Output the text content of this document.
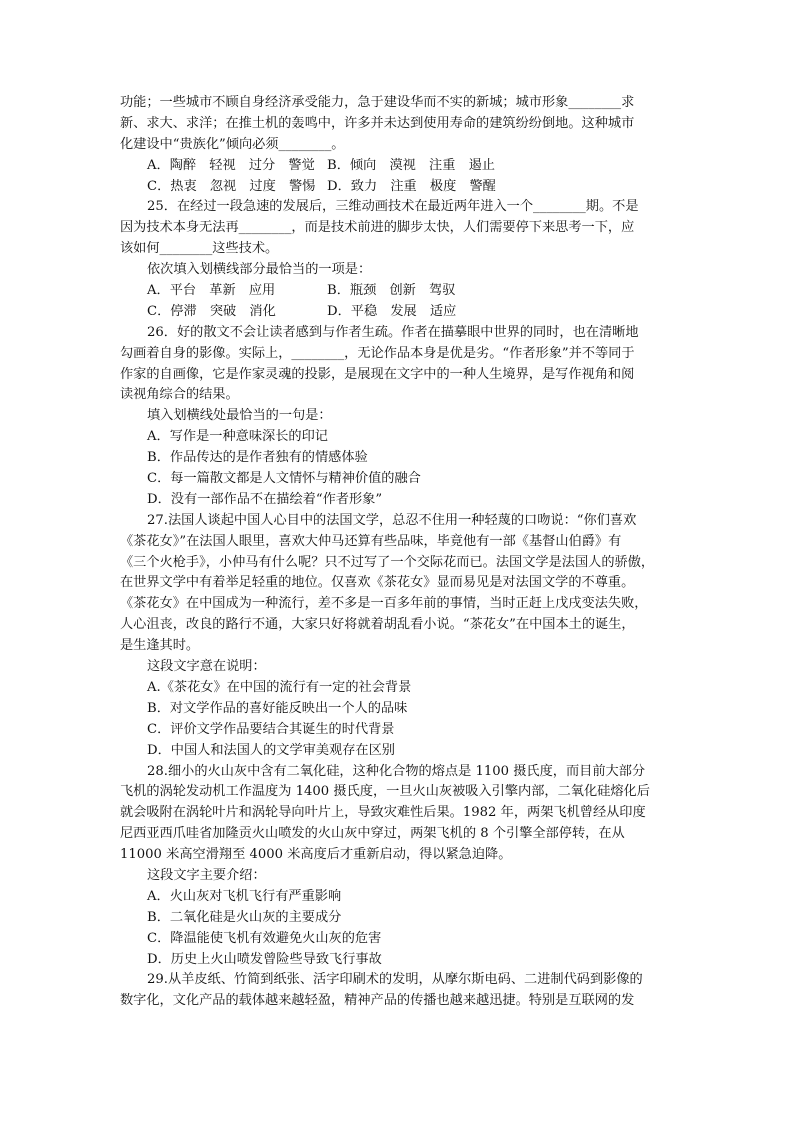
功能；一些城市不顾自身经济承受能力，急于建设华而不实的新城；城市形象________求
新、求大、求洋；在推土机的轰鸣中，许多并未达到使用寿命的建筑纷纷倒地。这种城市
化建设中“贵族化”倾向必须________。
A．陶醉　轻视　过分　警觉 B．倾向　漠视　注重　遏止
C．热衷　忽视　过度　警惕 D．致力　注重　极度　警醒
25．在经过一段急速的发展后，三维动画技术在最近两年进入一个________期。不是
因为技术本身无法再________，而是技术前进的脚步太快，人们需要停下来思考一下，应
该如何________这些技术。
依次填入划横线部分最恰当的一项是：
A．平台　革新　应用	B．瓶颈　创新　驾驭
C．停滞　突破　消化	D．平稳　发展　适应
26．好的散文不会让读者感到与作者生疏。作者在描摹眼中世界的同时，也在清晰地
勾画着自身的影像。实际上，________，无论作品本身是优是劣。“作者形象”并不等同于
作家的自画像，它是作家灵魂的投影，是展现在文字中的一种人生境界，是写作视角和阅
读视角综合的结果。
填入划横线处最恰当的一句是：
A．写作是一种意味深长的印记
B．作品传达的是作者独有的情感体验
C．每一篇散文都是人文情怀与精神价值的融合
D．没有一部作品不在描绘着“作者形象”
27.法国人谈起中国人心目中的法国文学，总忍不住用一种轻蔑的口吻说：“你们喜欢
《茶花女》”在法国人眼里，喜欢大仲马还算有些品味，毕竟他有一部《基督山伯爵》有
《三个火枪手》，小仲马有什么呢？只不过写了一个交际花而已。法国文学是法国人的骄傲，
在世界文学中有着举足轻重的地位。仅喜欢《茶花女》显而易见是对法国文学的不尊重。
《茶花女》在中国成为一种流行，差不多是一百多年前的事情，当时正赶上戊戌变法失败，
人心沮丧，改良的路行不通，大家只好将就着胡乱看小说。“茶花女”在中国本土的诞生，
是生逢其时。
这段文字意在说明：
A.《茶花女》在中国的流行有一定的社会背景
B．对文学作品的喜好能反映出一个人的品味
C．评价文学作品要结合其诞生的时代背景
D．中国人和法国人的文学审美观存在区别
28.细小的火山灰中含有二氧化硅，这种化合物的熔点是 1100 摄氏度，而目前大部分
飞机的涡轮发动机工作温度为 1400 摄氏度，一旦火山灰被吸入引擎内部，二氧化硅熔化后
就会吸附在涡轮叶片和涡轮导向叶片上，导致灾难性后果。1982 年，两架飞机曾经从印度
尼西亚西爪哇省加隆贡火山喷发的火山灰中穿过，两架飞机的 8 个引擎全部停转，在从
11000 米高空滑翔至 4000 米高度后才重新启动，得以紧急迫降。
这段文字主要介绍：
A．火山灰对飞机飞行有严重影响
B．二氧化硅是火山灰的主要成分
C．降温能使飞机有效避免火山灰的危害
D．历史上火山喷发曾险些导致飞行事故
29.从羊皮纸、竹简到纸张、活字印刷术的发明，从摩尔斯电码、二进制代码到影像的
数字化，文化产品的载体越来越轻盈，精神产品的传播也越来越迅捷。特别是互联网的发
